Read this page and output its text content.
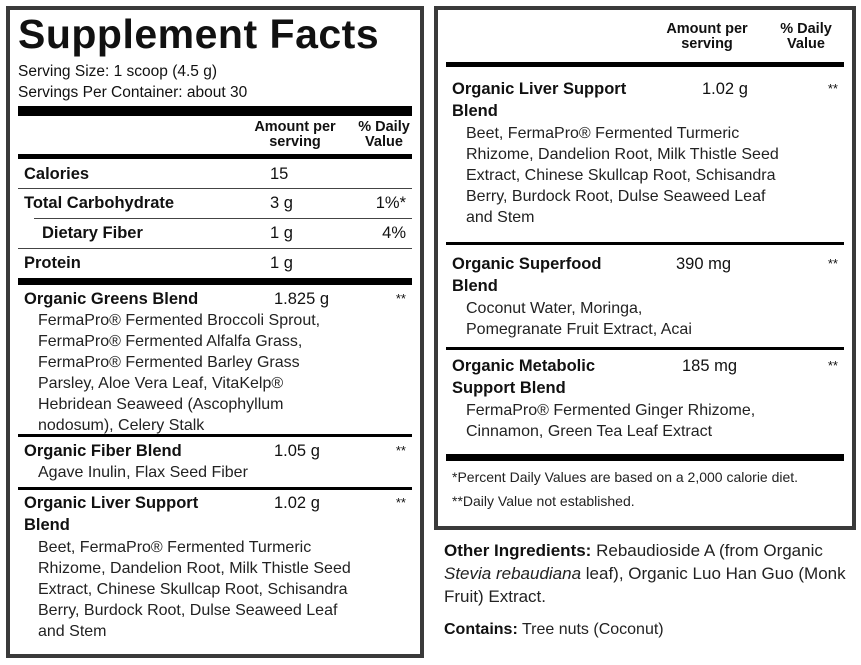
Supplement Facts
Serving Size: 1 scoop (4.5 g)
Servings Per Container: about 30
Amount per serving
% Daily Value
Calories	15
Total Carbohydrate	3 g	1%*
Dietary Fiber	1 g	4%
Protein	1 g
Organic Greens Blend	1.825 g	**
FermaPro® Fermented Broccoli Sprout,
FermaPro® Fermented Alfalfa Grass,
FermaPro® Fermented Barley Grass
Parsley, Aloe Vera Leaf, VitaKelp®
Hebridean Seaweed (Ascophyllum
nodosum), Celery Stalk
Organic Fiber Blend	1.05 g	**
Agave Inulin, Flax Seed Fiber
Organic Liver Support
Blend
1.02 g	**
Beet, FermaPro® Fermented Turmeric
Rhizome, Dandelion Root, Milk Thistle Seed
Extract, Chinese Skullcap Root, Schisandra
Berry, Burdock Root, Dulse Seaweed Leaf
and Stem
Amount per serving
% Daily Value
Organic Liver Support
Blend
1.02 g	**
Beet, FermaPro® Fermented Turmeric
Rhizome, Dandelion Root, Milk Thistle Seed
Extract, Chinese Skullcap Root, Schisandra
Berry, Burdock Root, Dulse Seaweed Leaf
and Stem
Organic Superfood
Blend
390 mg	**
Coconut Water, Moringa,
Pomegranate Fruit Extract, Acai
Organic Metabolic
Support Blend
185 mg	**
FermaPro® Fermented Ginger Rhizome,
Cinnamon, Green Tea Leaf Extract
*Percent Daily Values are based on a 2,000 calorie diet.
**Daily Value not established.
Other Ingredients: Rebaudioside A (from Organic Stevia rebaudiana leaf), Organic Luo Han Guo (Monk Fruit) Extract.
Contains: Tree nuts (Coconut)
